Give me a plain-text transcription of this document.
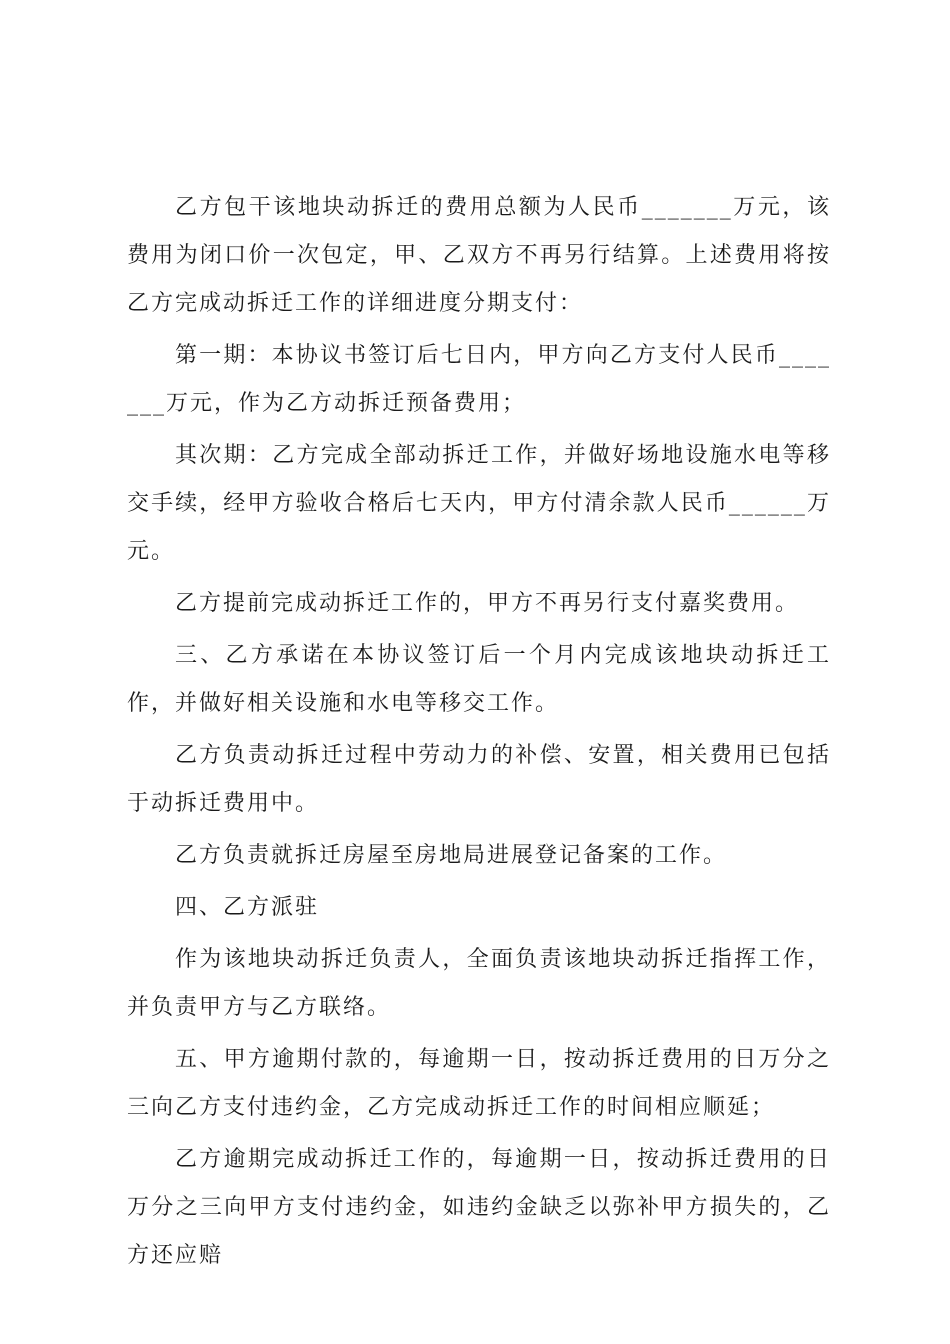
乙方包干该地块动拆迁的费用总额为人民币_______万元，该费用为闭口价一次包定，甲、乙双方不再另行结算。上述费用将按乙方完成动拆迁工作的详细进度分期支付：

第一期：本协议书签订后七日内，甲方向乙方支付人民币_______万元，作为乙方动拆迁预备费用；

其次期：乙方完成全部动拆迁工作，并做好场地设施水电等移交手续，经甲方验收合格后七天内，甲方付清余款人民币______万元。

乙方提前完成动拆迁工作的，甲方不再另行支付嘉奖费用。

三、乙方承诺在本协议签订后一个月内完成该地块动拆迁工作，并做好相关设施和水电等移交工作。

乙方负责动拆迁过程中劳动力的补偿、安置，相关费用已包括于动拆迁费用中。

乙方负责就拆迁房屋至房地局进展登记备案的工作。

四、乙方派驻

作为该地块动拆迁负责人，全面负责该地块动拆迁指挥工作，并负责甲方与乙方联络。

五、甲方逾期付款的，每逾期一日，按动拆迁费用的日万分之三向乙方支付违约金，乙方完成动拆迁工作的时间相应顺延；

乙方逾期完成动拆迁工作的，每逾期一日，按动拆迁费用的日万分之三向甲方支付违约金，如违约金缺乏以弥补甲方损失的，乙方还应赔
